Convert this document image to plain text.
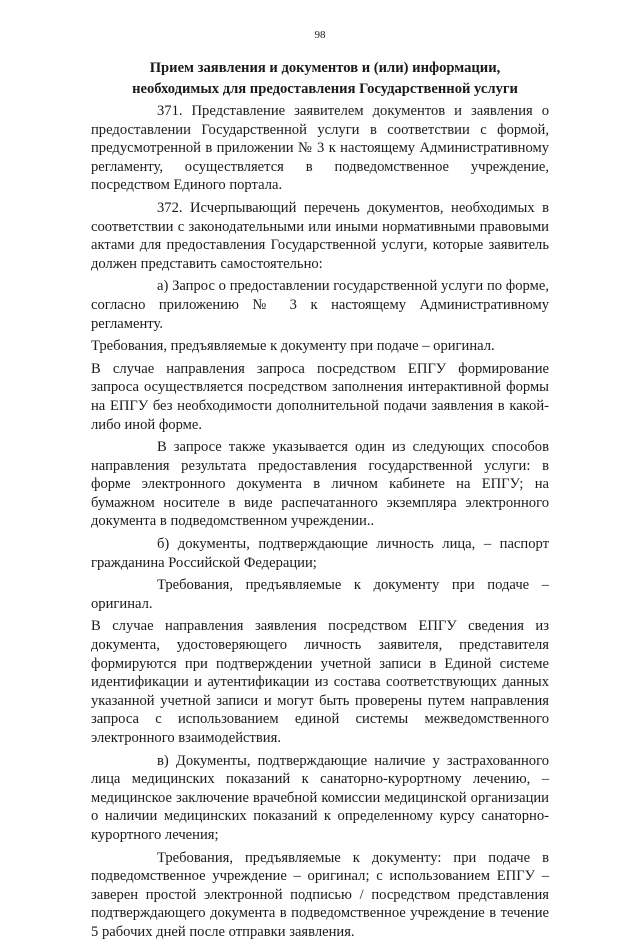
98
Прием заявления и документов и (или) информации,
необходимых для предоставления Государственной услуги

371. Представление заявителем документов и заявления о предоставлении Государственной услуги в соответствии с формой, предусмотренной в приложении № 3 к настоящему Административному регламенту, осуществляется в подведомственное учреждение, посредством Единого портала.

372. Исчерпывающий перечень документов, необходимых в соответствии с законодательными или иными нормативными правовыми актами для предоставления Государственной услуги, которые заявитель должен представить самостоятельно:

а) Запрос о предоставлении государственной услуги по форме, согласно приложению № 3 к настоящему Административному регламенту.

Требования, предъявляемые к документу при подаче – оригинал.

В случае направления запроса посредством ЕПГУ формирование запроса осуществляется посредством заполнения интерактивной формы на ЕПГУ без необходимости дополнительной подачи заявления в какой-либо иной форме.

В запросе также указывается один из следующих способов направления результата предоставления государственной услуги: в форме электронного документа в личном кабинете на ЕПГУ; на бумажном носителе в виде распечатанного экземпляра электронного документа в подведомственном учреждении..

б) документы, подтверждающие личность лица, – паспорт гражданина Российской Федерации;

Требования, предъявляемые к документу при подаче – оригинал.

В случае направления заявления посредством ЕПГУ сведения из документа, удостоверяющего личность заявителя, представителя формируются при подтверждении учетной записи в Единой системе идентификации и аутентификации из состава соответствующих данных указанной учетной записи и могут быть проверены путем направления запроса с использованием единой системы межведомственного электронного взаимодействия.

в) Документы, подтверждающие наличие у застрахованного лица медицинских показаний к санаторно-курортному лечению, – медицинское заключение врачебной комиссии медицинской организации о наличии медицинских показаний к определенному курсу санаторно-курортного лечения;

Требования, предъявляемые к документу: при подаче в подведомственное учреждение – оригинал; с использованием ЕПГУ – заверен простой электронной подписью / посредством представления подтверждающего документа в подведомственное учреждение в течение 5 рабочих дней после отправки заявления.
